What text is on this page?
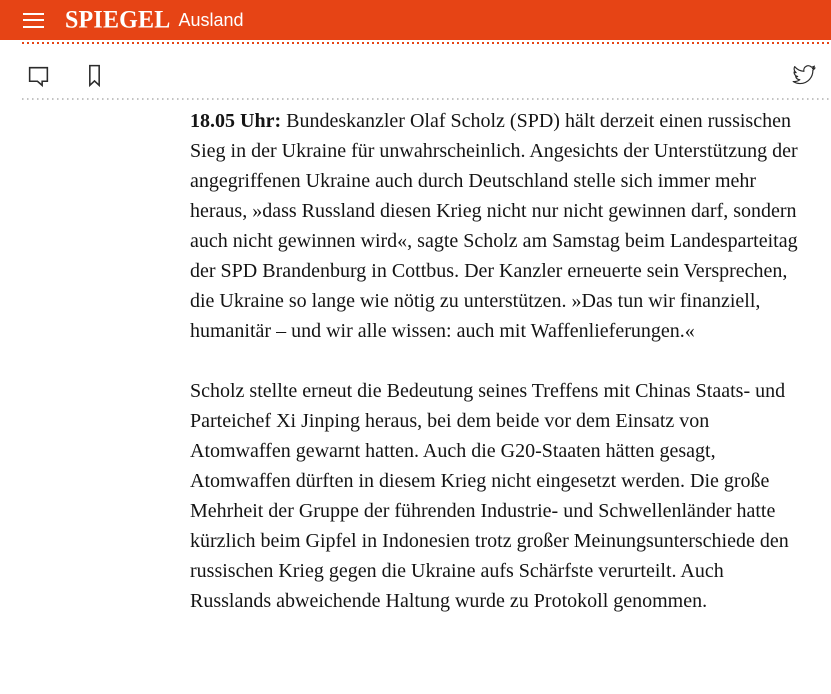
SPIEGEL Ausland

18.05 Uhr: Bundeskanzler Olaf Scholz (SPD) hält derzeit einen russischen Sieg in der Ukraine für unwahrscheinlich. Angesichts der Unterstützung der angegriffenen Ukraine auch durch Deutschland stelle sich immer mehr heraus, »dass Russland diesen Krieg nicht nur nicht gewinnen darf, sondern auch nicht gewinnen wird«, sagte Scholz am Samstag beim Landesparteitag der SPD Brandenburg in Cottbus. Der Kanzler erneuerte sein Versprechen, die Ukraine so lange wie nötig zu unterstützen. »Das tun wir finanziell, humanitär – und wir alle wissen: auch mit Waffenlieferungen.«

Scholz stellte erneut die Bedeutung seines Treffens mit Chinas Staats- und Parteichef Xi Jinping heraus, bei dem beide vor dem Einsatz von Atomwaffen gewarnt hatten. Auch die G20-Staaten hätten gesagt, Atomwaffen dürften in diesem Krieg nicht eingesetzt werden. Die große Mehrheit der Gruppe der führenden Industrie- und Schwellenländer hatte kürzlich beim Gipfel in Indonesien trotz großer Meinungsunterschiede den russischen Krieg gegen die Ukraine aufs Schärfste verurteilt. Auch Russlands abweichende Haltung wurde zu Protokoll genommen.
